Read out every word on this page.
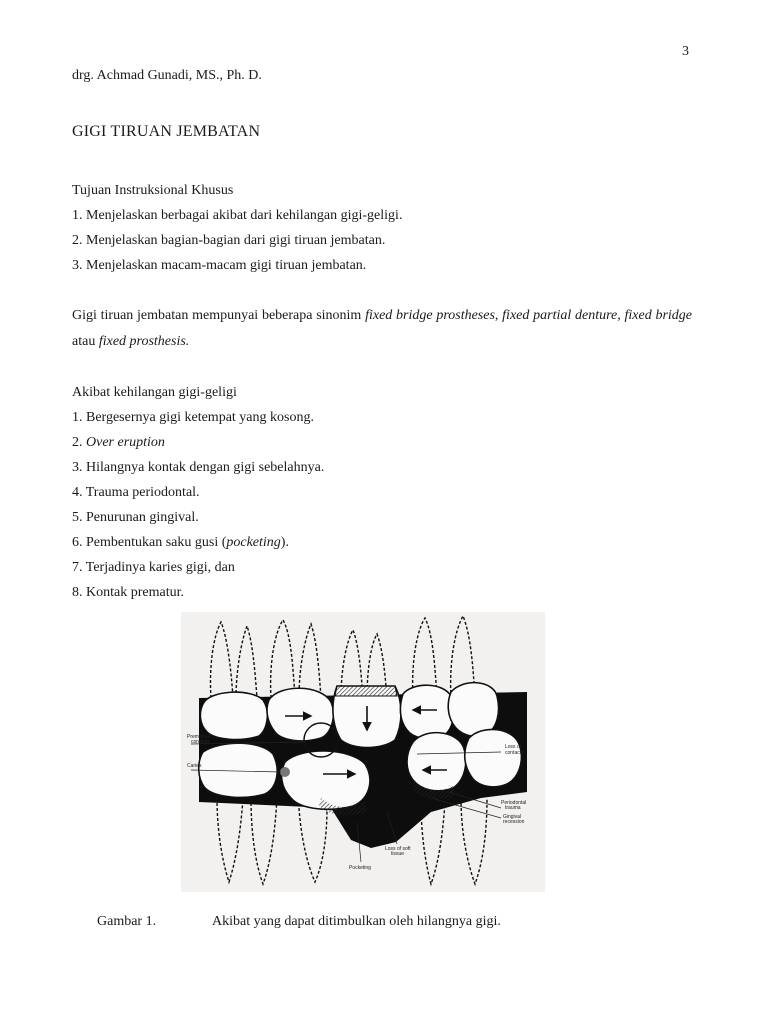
3
drg. Achmad Gunadi, MS., Ph. D.
GIGI TIRUAN JEMBATAN
Tujuan Instruksional Khusus
1. Menjelaskan berbagai akibat dari kehilangan gigi-geligi.
2. Menjelaskan bagian-bagian dari gigi tiruan jembatan.
3. Menjelaskan macam-macam gigi tiruan jembatan.
Gigi tiruan jembatan mempunyai beberapa sinonim fixed bridge prostheses, fixed partial denture, fixed bridge atau fixed prosthesis.
Akibat kehilangan gigi-geligi
1. Bergesernya gigi ketempat yang kosong.
2. Over eruption
3. Hilangnya kontak dengan gigi sebelahnya.
4. Trauma periodontal.
5. Penurunan gingival.
6. Pembentukan saku gusi (pocketing).
7. Terjadinya karies gigi, dan
8. Kontak prematur.
Premature
contacts
Caries
Loss of
contacts
Periodontal
trauma
Gingival
recession
Loss of soft
tissue
Pocketing
Gambar 1.	Akibat yang dapat ditimbulkan oleh hilangnya gigi.
